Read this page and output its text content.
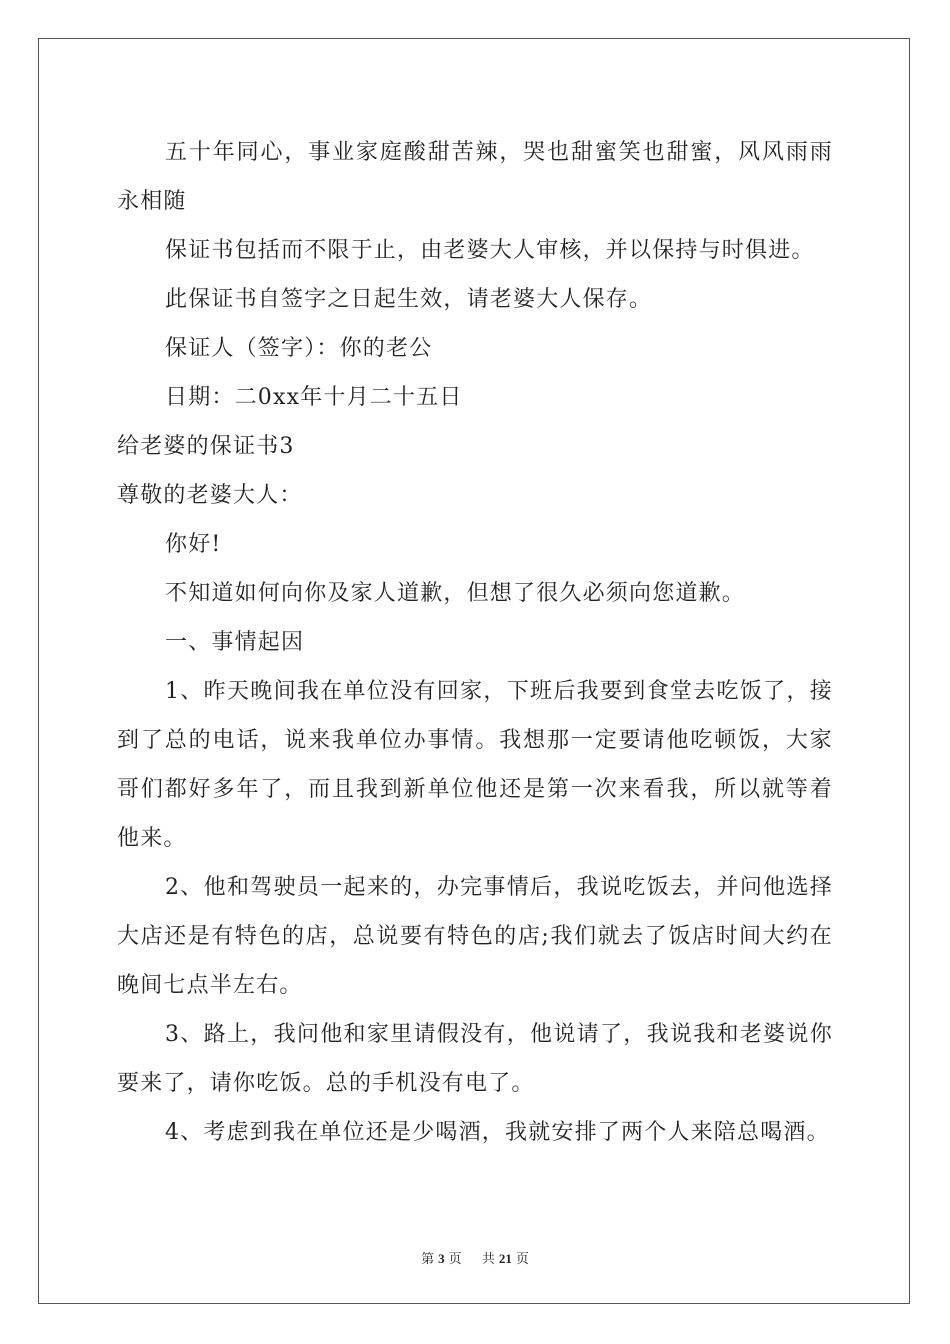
五十年同心，事业家庭酸甜苦辣，哭也甜蜜笑也甜蜜，风风雨雨永相随

保证书包括而不限于止，由老婆大人审核，并以保持与时俱进。

此保证书自签字之日起生效，请老婆大人保存。

保证人（签字）：你的老公

日期：二0xx年十月二十五日

给老婆的保证书3

尊敬的老婆大人：

你好!

不知道如何向你及家人道歉，但想了很久必须向您道歉。

一、事情起因

1、昨天晚间我在单位没有回家，下班后我要到食堂去吃饭了，接到了总的电话，说来我单位办事情。我想那一定要请他吃顿饭，大家哥们都好多年了，而且我到新单位他还是第一次来看我，所以就等着他来。

2、他和驾驶员一起来的，办完事情后，我说吃饭去，并问他选择大店还是有特色的店，总说要有特色的店;我们就去了饭店时间大约在晚间七点半左右。

3、路上，我问他和家里请假没有，他说请了，我说我和老婆说你要来了，请你吃饭。总的手机没有电了。

4、考虑到我在单位还是少喝酒，我就安排了两个人来陪总喝酒。

第 3 页 共 21 页
